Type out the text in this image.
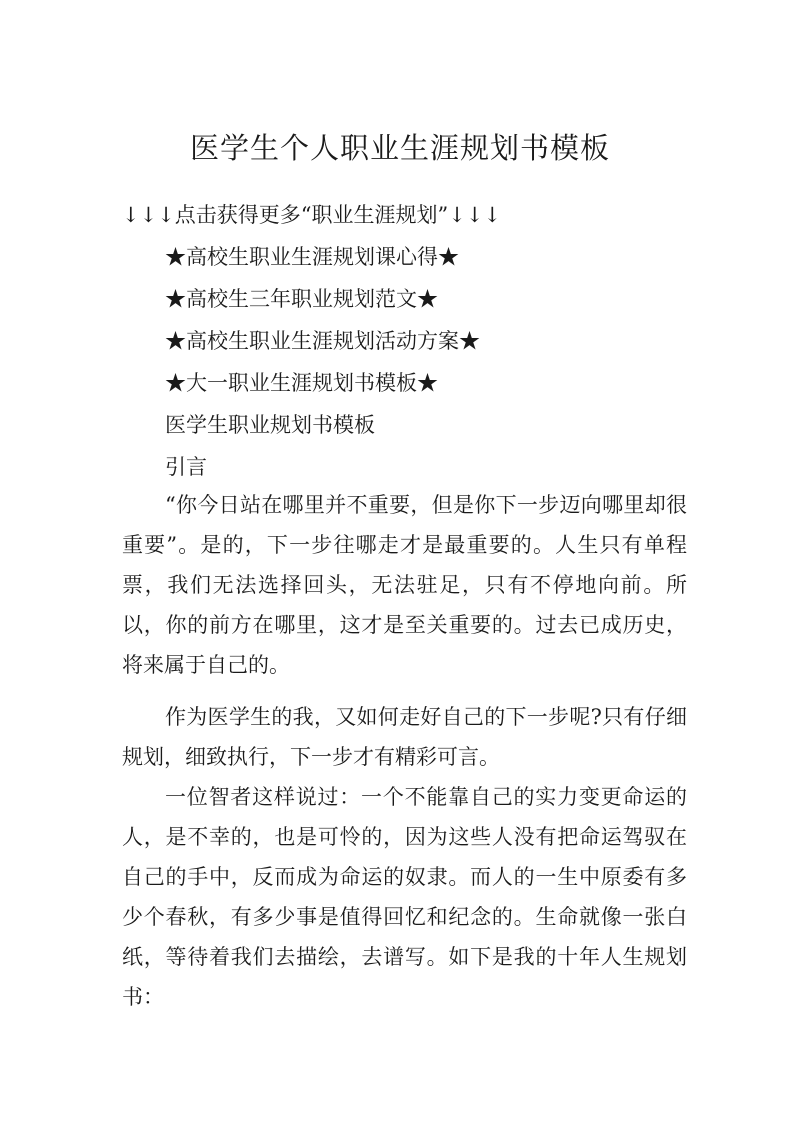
医学生个人职业生涯规划书模板
↓↓↓点击获得更多“职业生涯规划”↓↓↓
★高校生职业生涯规划课心得★
★高校生三年职业规划范文★
★高校生职业生涯规划活动方案★
★大一职业生涯规划书模板★
医学生职业规划书模板
引言
“你今日站在哪里并不重要，但是你下一步迈向哪里却很重要”。是的，下一步往哪走才是最重要的。人生只有单程票，我们无法选择回头，无法驻足，只有不停地向前。所以，你的前方在哪里，这才是至关重要的。过去已成历史，将来属于自己的。
作为医学生的我，又如何走好自己的下一步呢?只有仔细规划，细致执行，下一步才有精彩可言。
一位智者这样说过：一个不能靠自己的实力变更命运的人，是不幸的，也是可怜的，因为这些人没有把命运驾驭在自己的手中，反而成为命运的奴隶。而人的一生中原委有多少个春秋，有多少事是值得回忆和纪念的。生命就像一张白纸，等待着我们去描绘，去谱写。如下是我的十年人生规划书：
